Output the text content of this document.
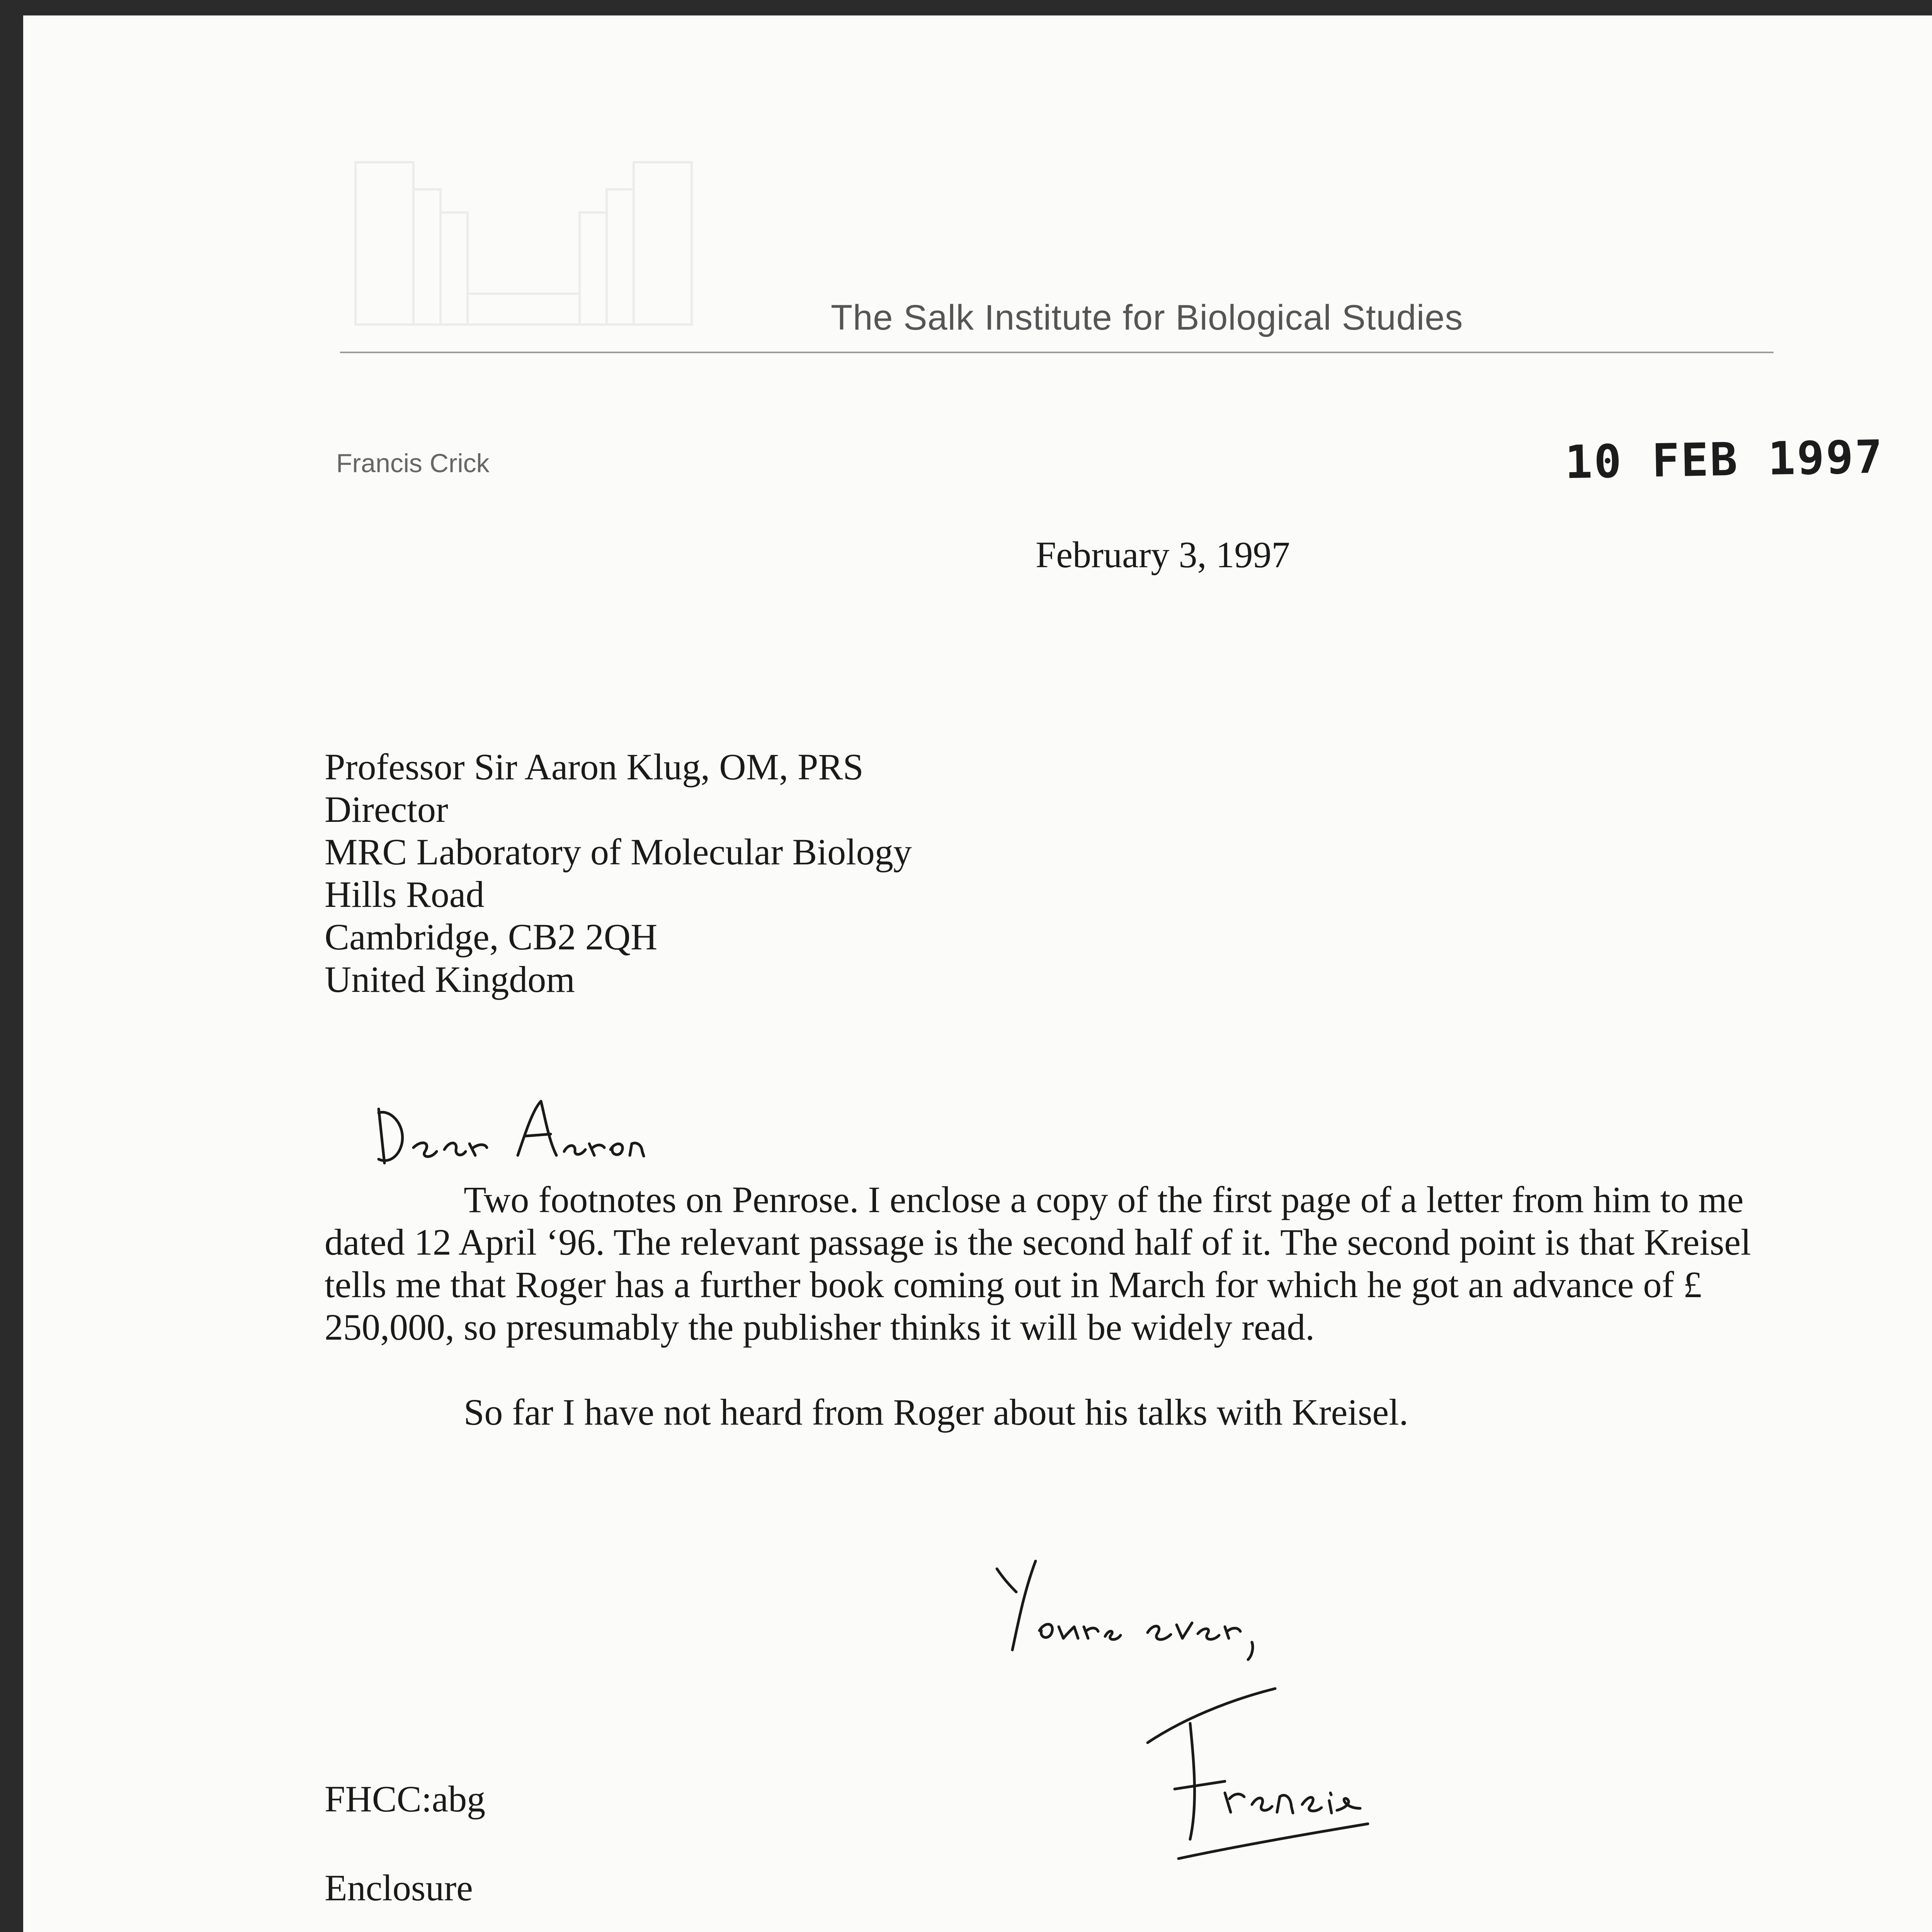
The Salk Institute for Biological Studies
Francis Crick	10 FEB 1997
February 3, 1997
Professor Sir Aaron Klug, OM, PRS
Director
MRC Laboratory of Molecular Biology
Hills Road
Cambridge, CB2 2QH
United Kingdom

Two footnotes on Penrose. I enclose a copy of the first page of a letter from him to me dated 12 April ‘96. The relevant passage is the second half of it. The second point is that Kreisel tells me that Roger has a further book coming out in March for which he got an advance of £ 250,000, so presumably the publisher thinks it will be widely read.

So far I have not heard from Roger about his talks with Kreisel.

FHCC:abg
Enclosure
